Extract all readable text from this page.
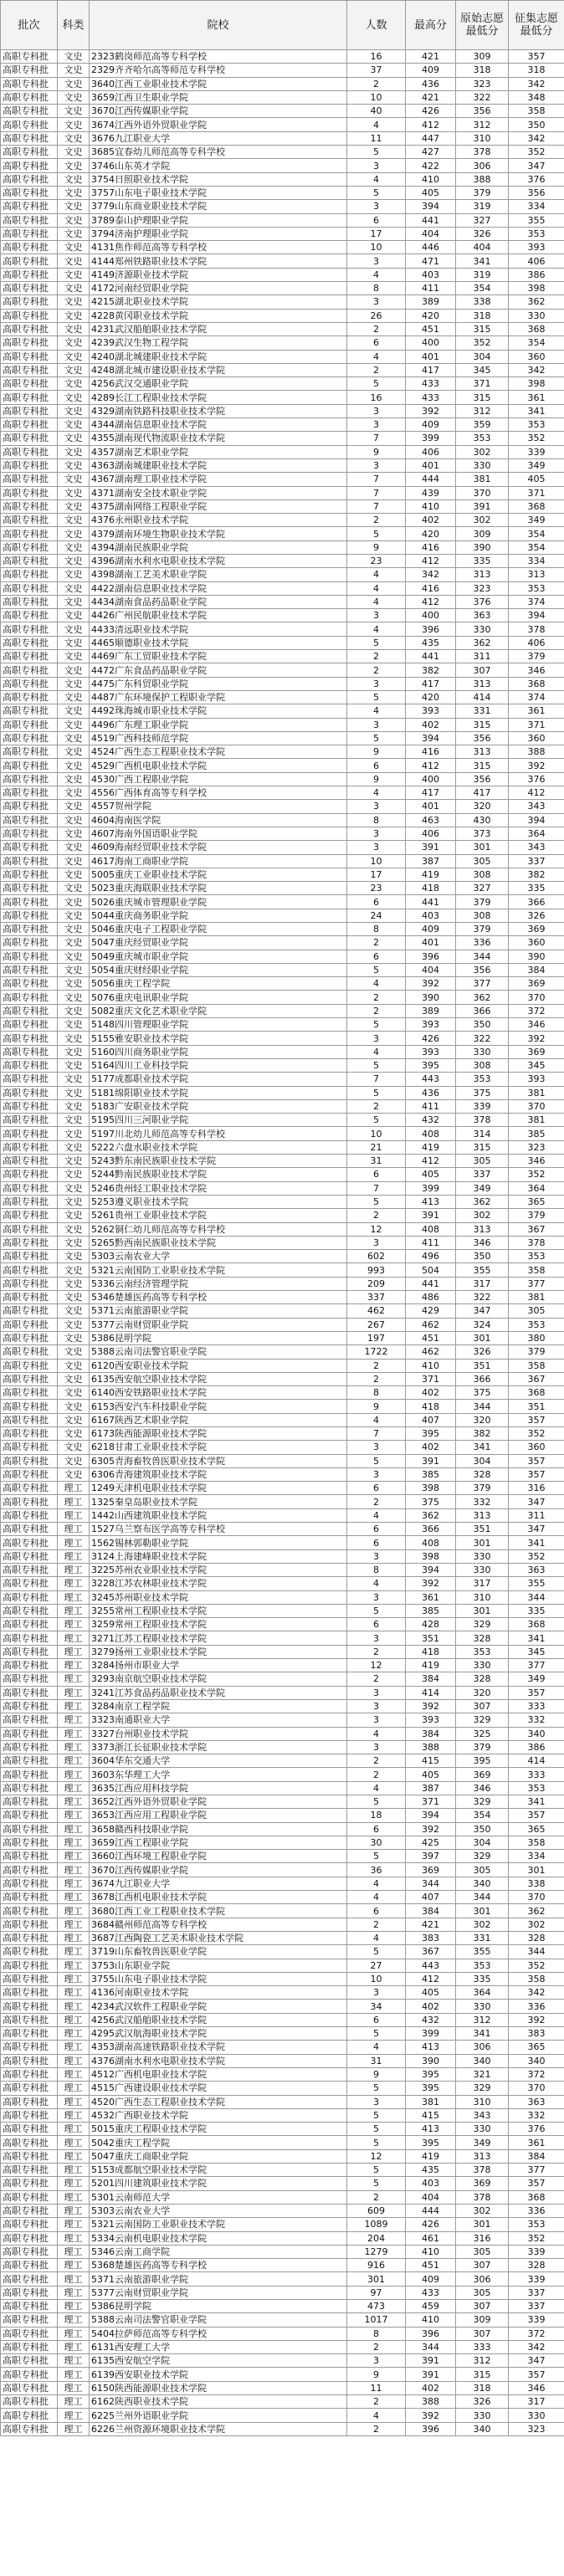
批次	科类	院校	人数	最高分	原始志愿最低分	征集志愿最低分
高职专科批	文史	2323鹤岗师范高等专科学校	16	421	309	357
高职专科批	文史	2329齐齐哈尔高等师范专科学校	37	409	318	318
高职专科批	文史	3640江西工业职业技术学院	2	436	323	342
高职专科批	文史	3659江西卫生职业学院	10	421	322	348
高职专科批	文史	3670江西传媒职业学院	40	426	356	358
高职专科批	文史	3674江西外语外贸职业学院	4	412	312	350
高职专科批	文史	3676九江职业大学	11	447	310	342
高职专科批	文史	3685宜春幼儿师范高等专科学校	5	427	378	352
高职专科批	文史	3746山东英才学院	3	422	306	347
高职专科批	文史	3754日照职业技术学院	4	410	388	376
高职专科批	文史	3757山东电子职业技术学院	5	405	379	356
高职专科批	文史	3779山东商业职业技术学院	3	394	319	334
高职专科批	文史	3789泰山护理职业学院	6	441	327	355
高职专科批	文史	3794济南护理职业学院	17	404	326	353
高职专科批	文史	4131焦作师范高等专科学校	10	446	404	393
高职专科批	文史	4144郑州铁路职业技术学院	3	471	341	406
高职专科批	文史	4149济源职业技术学院	4	403	319	386
高职专科批	文史	4172河南经贸职业学院	8	411	354	398
高职专科批	文史	4215湖北职业技术学院	3	389	338	362
高职专科批	文史	4228黄冈职业技术学院	26	420	318	330
高职专科批	文史	4231武汉船舶职业技术学院	2	451	315	368
高职专科批	文史	4239武汉生物工程学院	6	400	352	354
高职专科批	文史	4240湖北城建职业技术学院	4	401	304	360
高职专科批	文史	4248湖北城市建设职业技术学院	2	417	345	342
高职专科批	文史	4256武汉交通职业学院	5	433	371	398
高职专科批	文史	4289长江工程职业技术学院	16	433	315	361
高职专科批	文史	4329湖南铁路科技职业技术学院	3	392	312	341
高职专科批	文史	4344湖南信息职业技术学院	3	409	359	353
高职专科批	文史	4355湖南现代物流职业技术学院	7	399	353	352
高职专科批	文史	4357湖南艺术职业学院	9	406	302	339
高职专科批	文史	4363湖南城建职业技术学院	3	401	330	349
高职专科批	文史	4367湖南理工职业技术学院	7	444	381	405
高职专科批	文史	4371湖南安全技术职业学院	7	439	370	371
高职专科批	文史	4375湖南网络工程职业学院	7	410	391	368
高职专科批	文史	4376永州职业技术学院	2	402	302	349
高职专科批	文史	4379湖南环境生物职业技术学院	5	420	309	354
高职专科批	文史	4394湖南民族职业学院	9	416	390	354
高职专科批	文史	4396湖南水利水电职业技术学院	23	412	335	334
高职专科批	文史	4398湖南工艺美术职业学院	4	342	313	313
高职专科批	文史	4422湖南信息职业技术学院	4	416	323	353
高职专科批	文史	4434湖南食品药品职业学院	4	412	376	374
高职专科批	文史	4426广州民航职业技术学院	3	400	363	394
高职专科批	文史	4433清远职业技术学院	4	396	330	378
高职专科批	文史	4465顺德职业技术学院	5	435	362	406
高职专科批	文史	4469广东工贸职业技术学院	2	441	311	379
高职专科批	文史	4472广东食品药品职业学院	2	382	307	346
高职专科批	文史	4475广东科贸职业学院	3	417	313	368
高职专科批	文史	4487广东环境保护工程职业学院	5	420	414	374
高职专科批	文史	4492珠海城市职业技术学院	4	393	331	361
高职专科批	文史	4496广东理工职业学院	3	402	315	371
高职专科批	文史	4519广西科技师范学院	5	394	356	360
高职专科批	文史	4524广西生态工程职业技术学院	9	416	313	388
高职专科批	文史	4529广西机电职业技术学院	6	412	315	392
高职专科批	文史	4530广西工程职业学院	9	400	356	376
高职专科批	文史	4556广西体育高等专科学校	4	417	417	412
高职专科批	文史	4557贺州学院	3	401	320	343
高职专科批	文史	4604海南医学院	8	463	430	394
高职专科批	文史	4607海南外国语职业学院	3	406	373	364
高职专科批	文史	4609海南经贸职业技术学院	3	391	301	343
高职专科批	文史	4617海南工商职业学院	10	387	305	337
高职专科批	文史	5005重庆工业职业技术学院	17	419	308	382
高职专科批	文史	5023重庆海联职业技术学院	23	418	327	335
高职专科批	文史	5026重庆城市管理职业学院	6	441	379	366
高职专科批	文史	5044重庆商务职业学院	24	403	308	326
高职专科批	文史	5046重庆电子工程职业学院	8	409	379	369
高职专科批	文史	5047重庆经贸职业学院	2	401	336	360
高职专科批	文史	5049重庆城市职业学院	6	396	344	390
高职专科批	文史	5054重庆财经职业学院	5	404	356	384
高职专科批	文史	5056重庆工程学院	4	392	377	369
高职专科批	文史	5076重庆电讯职业学院	2	390	362	370
高职专科批	文史	5082重庆文化艺术职业学院	2	389	366	372
高职专科批	文史	5148四川管理职业学院	5	393	350	346
高职专科批	文史	5155雅安职业技术学院	3	426	322	392
高职专科批	文史	5160四川商务职业学院	4	393	330	369
高职专科批	文史	5164四川工业科技学院	5	395	308	345
高职专科批	文史	5177成都职业技术学院	7	443	353	393
高职专科批	文史	5181绵阳职业技术学院	5	436	375	381
高职专科批	文史	5183广安职业技术学院	2	411	339	370
高职专科批	文史	5195四川三河职业学院	5	432	378	381
高职专科批	文史	5197川北幼儿师范高等专科学校	10	408	314	385
高职专科批	文史	5222六盘水职业技术学院	21	419	315	323
高职专科批	文史	5243黔东南民族职业技术学院	31	412	305	346
高职专科批	文史	5244黔南民族职业技术学院	6	405	337	352
高职专科批	文史	5246贵州轻工职业技术学院	7	399	349	364
高职专科批	文史	5253遵义职业技术学院	5	413	362	365
高职专科批	文史	5261贵州工业职业技术学院	2	391	302	379
高职专科批	文史	5262铜仁幼儿师范高等专科学校	12	408	313	367
高职专科批	文史	5265黔西南民族职业技术学院	3	411	346	378
高职专科批	文史	5303云南农业大学	602	496	350	353
高职专科批	文史	5321云南国防工业职业技术学院	993	504	355	358
高职专科批	文史	5336云南经济管理学院	209	441	317	377
高职专科批	文史	5346楚雄医药高等专科学校	337	486	322	381
高职专科批	文史	5371云南旅游职业学院	462	429	347	305
高职专科批	文史	5377云南财贸职业学院	267	462	324	353
高职专科批	文史	5386昆明学院	197	451	301	380
高职专科批	文史	5388云南司法警官职业学院	1722	462	326	379
高职专科批	文史	6120西安职业技术学院	2	410	351	358
高职专科批	文史	6135西安航空职业技术学院	2	371	366	367
高职专科批	文史	6140西安铁路职业技术学院	8	402	375	368
高职专科批	文史	6153西安汽车科技职业学院	9	418	344	351
高职专科批	文史	6167陕西艺术职业学院	4	407	320	357
高职专科批	文史	6173陕西能源职业技术学院	7	395	382	352
高职专科批	文史	6218甘肃工业职业技术学院	3	402	341	360
高职专科批	文史	6305青海畜牧兽医职业技术学院	5	391	304	357
高职专科批	文史	6306青海建筑职业技术学院	3	385	328	357
高职专科批	理工	1249天津机电职业技术学院	6	398	379	316
高职专科批	理工	1325秦皇岛职业技术学院	2	375	332	347
高职专科批	理工	1442山西建筑职业技术学院	4	362	313	311
高职专科批	理工	1527乌兰察布医学高等专科学校	6	366	351	347
高职专科批	理工	1562锡林郭勒职业学院	6	408	301	341
高职专科批	理工	3124上海建峰职业技术学院	3	398	330	352
高职专科批	理工	3225苏州农业职业技术学院	8	394	330	363
高职专科批	理工	3228江苏农林职业技术学院	4	392	317	355
高职专科批	理工	3245苏州职业技术学院	3	361	310	344
高职专科批	理工	3255常州工程职业技术学院	5	385	301	335
高职专科批	理工	3259常州工程职业技术学院	6	428	329	368
高职专科批	理工	3271江苏工程职业技术学院	3	351	328	341
高职专科批	理工	3279扬州工业职业技术学院	2	418	353	345
高职专科批	理工	3284扬州市职业大学	12	419	330	377
高职专科批	理工	3293南京航空职业技术学院	2	384	328	349
高职专科批	理工	3241江苏食品药品职业技术学院	3	414	320	357
高职专科批	理工	3284南京工程学院	3	392	307	333
高职专科批	理工	3323南通职业大学	3	393	329	332
高职专科批	理工	3327台州职业技术学院	4	384	325	340
高职专科批	理工	3373浙江长征职业技术学院	3	388	379	386
高职专科批	理工	3604华东交通大学	2	415	395	414
高职专科批	理工	3603东华理工大学	2	405	369	333
高职专科批	理工	3635江西应用科技学院	4	387	346	353
高职专科批	理工	3652江西外语外贸职业学院	5	371	329	341
高职专科批	理工	3653江西应用工程职业学院	18	394	354	357
高职专科批	理工	3658赣西科技职业学院	6	392	350	365
高职专科批	理工	3659江西工程职业学院	30	425	304	358
高职专科批	理工	3660江西环境工程职业学院	5	397	329	334
高职专科批	理工	3670江西传媒职业学院	36	369	305	301
高职专科批	理工	3674九江职业大学	4	344	340	338
高职专科批	理工	3678江西机电职业技术学院	4	407	344	370
高职专科批	理工	3680江西工业工程职业技术学院	6	384	301	362
高职专科批	理工	3684赣州师范高等专科学校	2	421	302	302
高职专科批	理工	3687江西陶瓷工艺美术职业技术学院	4	383	331	328
高职专科批	理工	3719山东畜牧兽医职业学院	5	367	355	344
高职专科批	理工	3753山东职业学院	27	443	353	352
高职专科批	理工	3755山东电子职业技术学院	10	412	335	358
高职专科批	理工	4136河南职业技术学院	3	405	364	342
高职专科批	理工	4234武汉软件工程职业学院	34	402	330	336
高职专科批	理工	4256武汉船舶职业技术学院	6	432	312	392
高职专科批	理工	4295武汉航海职业技术学院	5	399	341	383
高职专科批	理工	4353湖南高速铁路职业技术学院	4	413	306	365
高职专科批	理工	4376湖南水利水电职业技术学院	31	390	340	340
高职专科批	理工	4512广西机电职业技术学院	9	395	321	372
高职专科批	理工	4515广西建设职业技术学院	5	395	329	370
高职专科批	理工	4520广西生态工程职业技术学院	3	381	310	363
高职专科批	理工	4532广西职业技术学院	5	415	343	332
高职专科批	理工	5015重庆工程职业技术学院	5	413	330	376
高职专科批	理工	5042重庆工程学院	5	395	349	361
高职专科批	理工	5047重庆工商职业学院	12	419	313	384
高职专科批	理工	5153成都航空职业技术学院	5	435	378	377
高职专科批	理工	5201四川建筑职业技术学院	5	403	369	357
高职专科批	理工	5301云南师范大学	2	404	378	368
高职专科批	理工	5303云南农业大学	609	444	302	336
高职专科批	理工	5321云南国防工业职业技术学院	1089	426	301	353
高职专科批	理工	5334云南机电职业技术学院	204	461	316	352
高职专科批	理工	5346云南工商学院	1279	410	305	339
高职专科批	理工	5368楚雄医药高等专科学校	916	451	307	328
高职专科批	理工	5371云南旅游职业学院	301	409	306	339
高职专科批	理工	5377云南财贸职业学院	97	433	305	337
高职专科批	理工	5386昆明学院	473	459	307	337
高职专科批	理工	5388云南司法警官职业学院	1017	410	309	339
高职专科批	理工	5404拉萨师范高等专科学校	8	396	307	372
高职专科批	理工	6131西安理工大学	2	344	333	342
高职专科批	理工	6135西安航空学院	3	391	312	347
高职专科批	理工	6139西安职业技术学院	9	391	315	357
高职专科批	理工	6150陕西能源职业技术学院	11	402	318	346
高职专科批	理工	6162陕西职业技术学院	2	388	326	317
高职专科批	理工	6225兰州外语职业学院	4	392	330	330
高职专科批	理工	6226兰州资源环境职业技术学院	2	396	340	323
